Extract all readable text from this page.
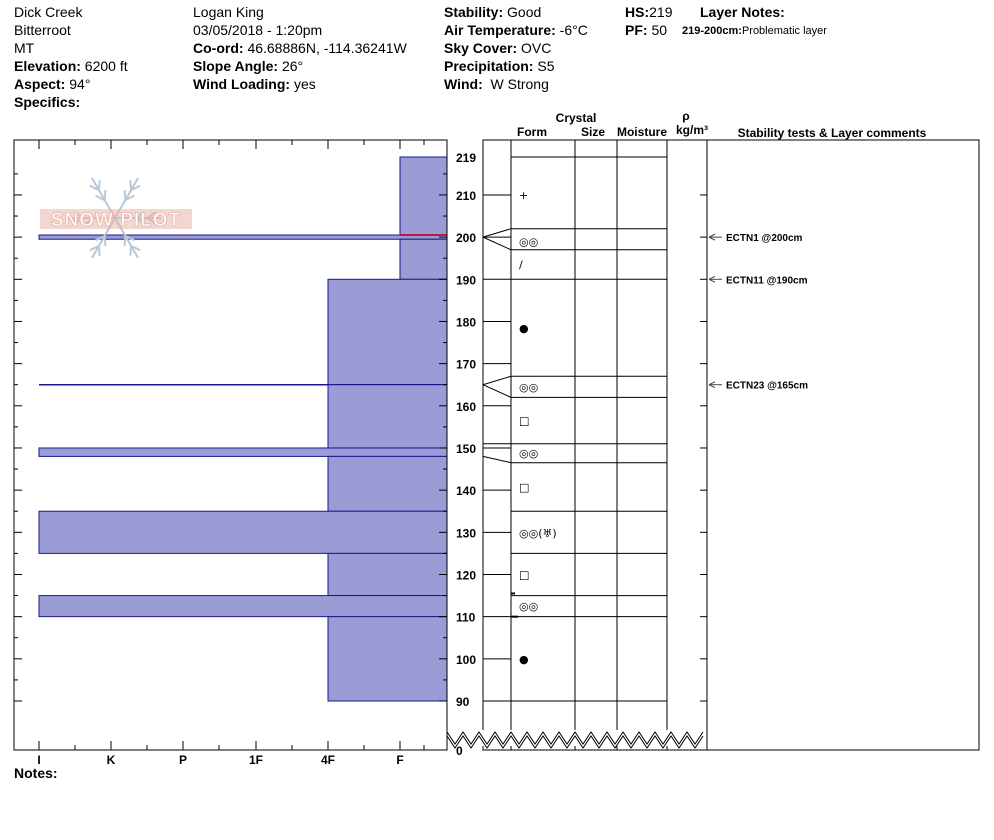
Dick Creek
Bitterroot
MT
Elevation: 6200 ft
Aspect: 94°
Specifics:
Logan King
03/05/2018 - 1:20pm
Co-ord: 46.68886N, -114.36241W
Slope Angle: 26°
Wind Loading: yes
Stability: Good
Air Temperature: -6°C
Sky Cover: OVC
Precipitation: S5
Wind: W Strong
HS:219
PF: 50
Layer Notes:
219-200cm:Problematic layer
I	K	P	1F	4F	F
219
210
200
190
180
170
160
150
140
130
120
110
100
90
0
Crystal
Form	Size Moisture
ρ
kg/m³ Stability tests & Layer comments
+
◎◎
/
●
◎◎
□
◎◎
□
◎◎(♅)
□
◎◎
●
ECTN1 @200cm
ECTN11 @190cm
ECTN23 @165cm
SNOW PILOT
Notes:
